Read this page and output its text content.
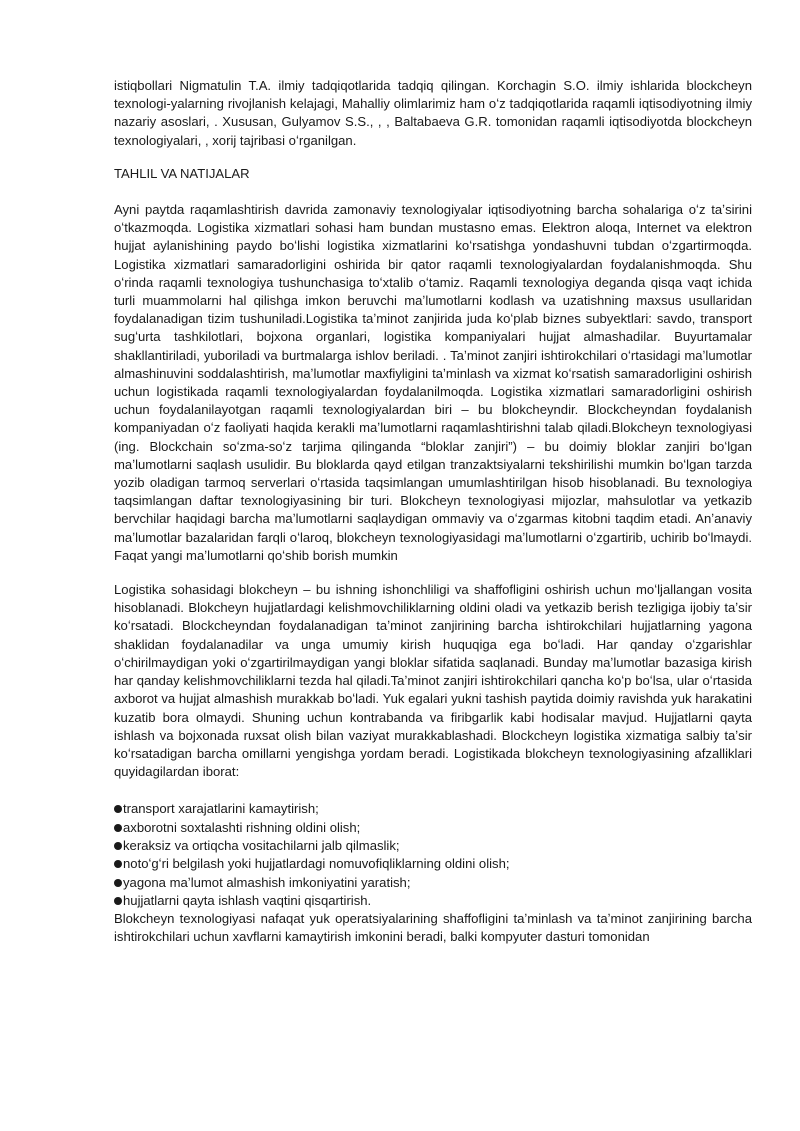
istiqbollari Nigmatulin T.A. ilmiy tadqiqotlarida tadqiq qilingan. Korchagin S.O. ilmiy ishlarida blockcheyn texnologi-yalarning rivojlanish kelajagi, Mahalliy olimlarimiz ham oʻz tadqiqotlarida raqamli iqtisodiyotning ilmiy nazariy asoslari, . Xususan, Gulyamov S.S., , , Baltabaeva G.R. tomonidan raqamli iqtisodiyotda blockcheyn texnologiyalari, , xorij tajribasi oʻrganilgan.

TAHLIL VA NATIJALAR

Ayni paytda raqamlashtirish davrida zamonaviy texnologiyalar iqtisodiyotning barcha sohalariga oʻz taʼsirini oʻtkazmoqda. Logistika xizmatlari sohasi ham bundan mustasno emas. Elektron aloqa, Internet va elektron hujjat aylanishining paydo boʻlishi logistika xizmatlarini koʻrsatishga yondashuvni tubdan oʻzgartirmoqda. Logistika xizmatlari samaradorligini oshirida bir qator raqamli texnologiyalardan foydalanishmoqda. Shu oʻrinda raqamli texnologiya tushunchasiga toʻxtalib oʻtamiz. Raqamli texnologiya deganda qisqa vaqt ichida turli muammolarni hal qilishga imkon beruvchi maʼlumotlarni kodlash va uzatishning maxsus usullaridan foydalanadigan tizim tushuniladi.Logistika taʼminot zanjirida juda koʻplab biznes subyektlari: savdo, transport sugʻurta tashkilotlari, bojxona organlari, logistika kompaniyalari hujjat almashadilar. Buyurtamalar shakllantiriladi, yuboriladi va burtmalarga ishlov beriladi. . Taʼminot zanjiri ishtirokchilari oʻrtasidagi maʼlumotlar almashinuvini soddalashtirish, maʼlumotlar maxfiyligini taʼminlash va xizmat koʻrsatish samaradorligini oshirish uchun logistikada raqamli texnologiyalardan foydalanilmoqda. Logistika xizmatlari samaradorligini oshirish uchun foydalanilayotgan raqamli texnologiyalardan biri – bu blokcheyndir. Blockcheyndan foydalanish kompaniyadan oʻz faoliyati haqida kerakli maʼlumotlarni raqamlashtirishni talab qiladi.Blokcheyn texnologiyasi (ing. Blockchain soʻzma-soʻz tarjima qilinganda “bloklar zanjiri”) – bu doimiy bloklar zanjiri boʻlgan maʼlumotlarni saqlash usulidir. Bu bloklarda qayd etilgan tranzaktsiyalarni tekshirilishi mumkin boʻlgan tarzda yozib oladigan tarmoq serverlari oʻrtasida taqsimlangan umumlashtirilgan hisob hisoblanadi. Bu texnologiya taqsimlangan daftar texnologiyasining bir turi. Blokcheyn texnologiyasi mijozlar, mahsulotlar va yetkazib bervchilar haqidagi barcha maʼlumotlarni saqlaydigan ommaviy va oʻzgarmas kitobni taqdim etadi. Anʼanaviy maʼlumotlar bazalaridan farqli oʻlaroq, blokcheyn texnologiyasidagi maʼlumotlarni oʻzgartirib, uchirib boʻlmaydi. Faqat yangi maʼlumotlarni qoʻshib borish mumkin

Logistika sohasidagi blokcheyn – bu ishning ishonchliligi va shaffofligini oshirish uchun moʻljallangan vosita hisoblanadi. Blokcheyn hujjatlardagi kelishmovchiliklarning oldini oladi va yetkazib berish tezligiga ijobiy taʼsir koʻrsatadi. Blockcheyndan foydalanadigan taʼminot zanjirining barcha ishtirokchilari hujjatlarning yagona shaklidan foydalanadilar va unga umumiy kirish huquqiga ega boʻladi. Har qanday oʻzgarishlar oʻchirilmaydigan yoki oʻzgartirilmaydigan yangi bloklar sifatida saqlanadi. Bunday maʼlumotlar bazasiga kirish har qanday kelishmovchiliklarni tezda hal qiladi.Taʼminot zanjiri ishtirokchilari qancha koʻp boʻlsa, ular oʻrtasida axborot va hujjat almashish murakkab boʻladi. Yuk egalari yukni tashish paytida doimiy ravishda yuk harakatini kuzatib bora olmaydi. Shuning uchun kontrabanda va firibgarlik kabi hodisalar mavjud. Hujjatlarni qayta ishlash va bojxonada ruxsat olish bilan vaziyat murakkablashadi. Blockcheyn logistika xizmatiga salbiy taʼsir koʻrsatadigan barcha omillarni yengishga yordam beradi. Logistikada blokcheyn texnologiyasining afzalliklari quyidagilardan iborat:

transport xarajatlarini kamaytirish;
axborotni soxtalashti rishning oldini olish;
keraksiz va ortiqcha vositachilarni jalb qilmaslik;
notoʻgʻri belgilash yoki hujjatlardagi nomuvofiqliklarning oldini olish;
yagona maʼlumot almashish imkoniyatini yaratish;
hujjatlarni qayta ishlash vaqtini qisqartirish.

Blokcheyn texnologiyasi nafaqat yuk operatsiyalarining shaffofligini taʼminlash va taʼminot zanjirining barcha ishtirokchilari uchun xavflarni kamaytirish imkonini beradi, balki kompyuter dasturi tomonidan
